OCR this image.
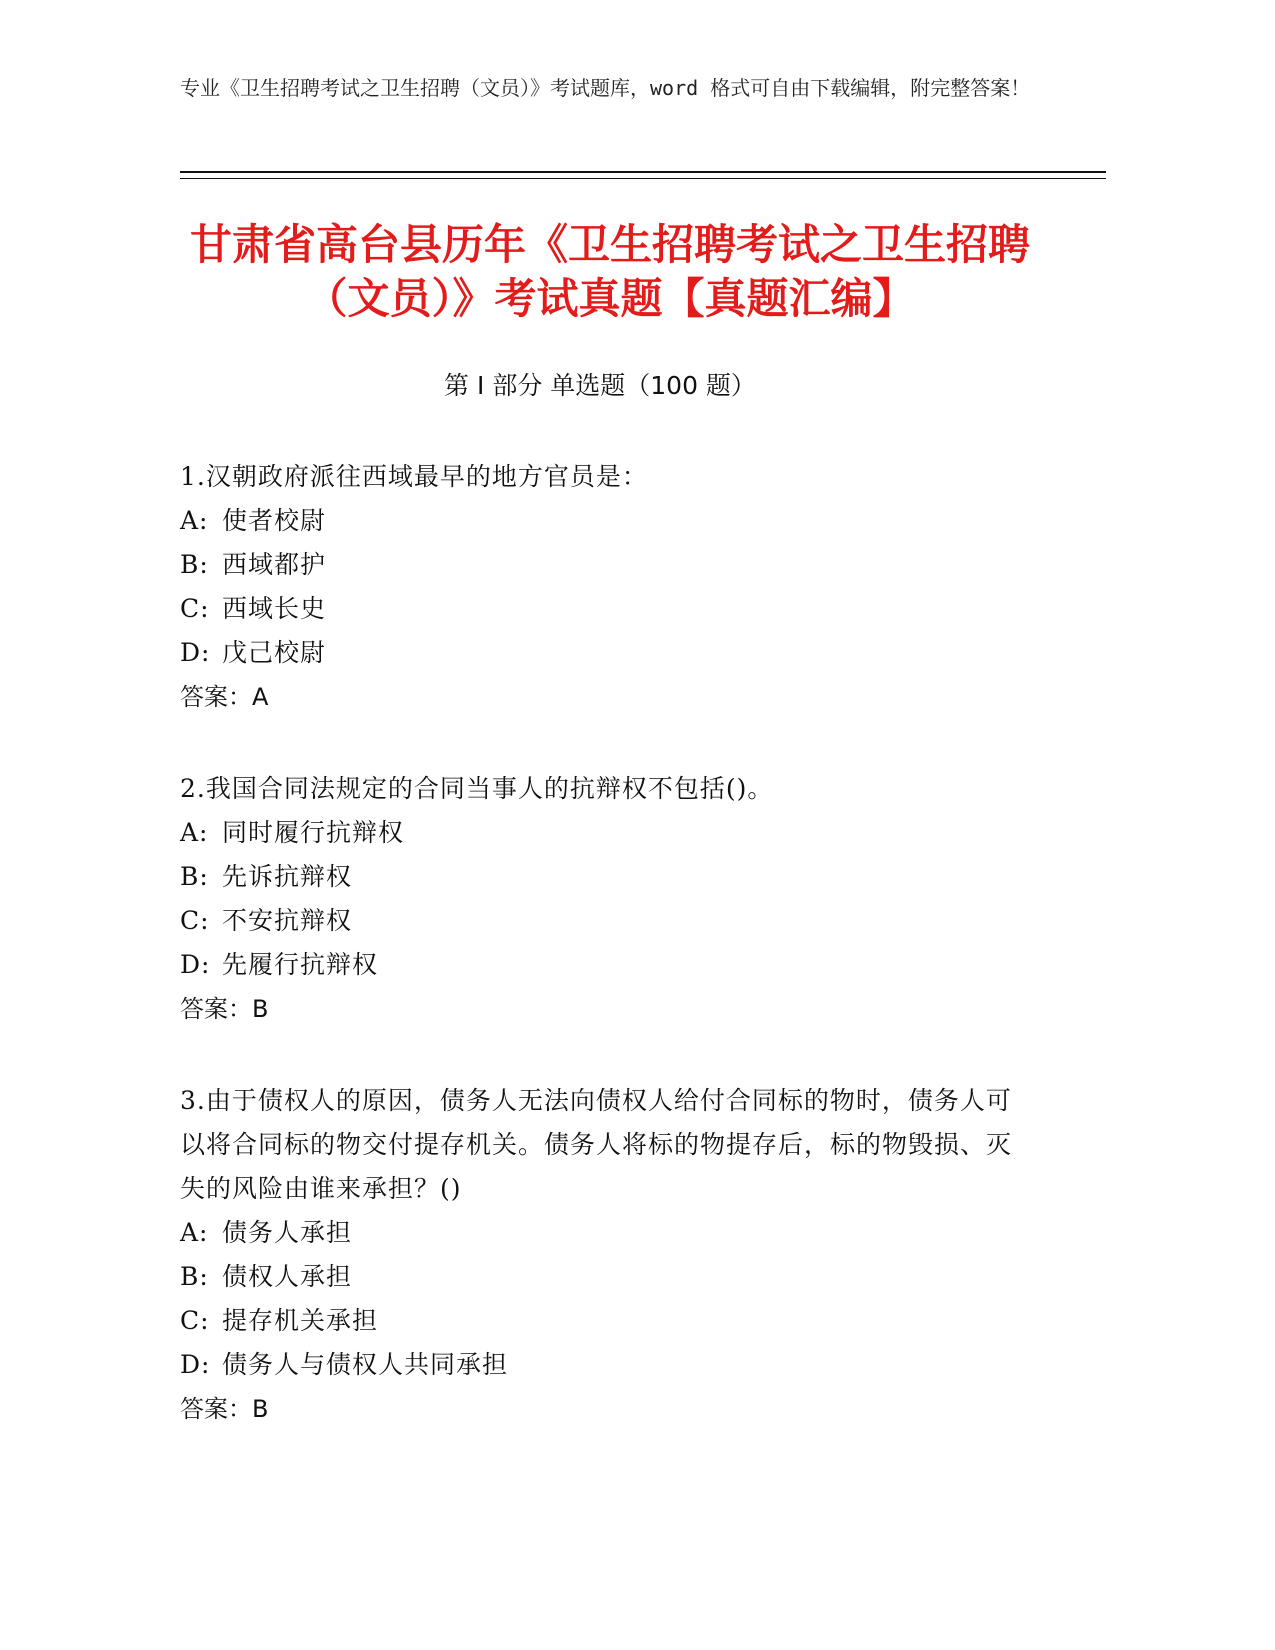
专业《卫生招聘考试之卫生招聘（文员）》考试题库，word 格式可自由下载编辑，附完整答案！
甘肃省高台县历年《卫生招聘考试之卫生招聘（文员）》考试真题【真题汇编】
第 I 部分 单选题（100 题）
1.汉朝政府派往西域最早的地方官员是：
A: 使者校尉
B: 西域都护
C: 西域长史
D: 戊己校尉
答案：A
2.我国合同法规定的合同当事人的抗辩权不包括()。
A: 同时履行抗辩权
B: 先诉抗辩权
C: 不安抗辩权
D: 先履行抗辩权
答案：B
3.由于债权人的原因，债务人无法向债权人给付合同标的物时，债务人可以将合同标的物交付提存机关。债务人将标的物提存后，标的物毁损、灭失的风险由谁来承担？()
A: 债务人承担
B: 债权人承担
C: 提存机关承担
D: 债务人与债权人共同承担
答案：B
